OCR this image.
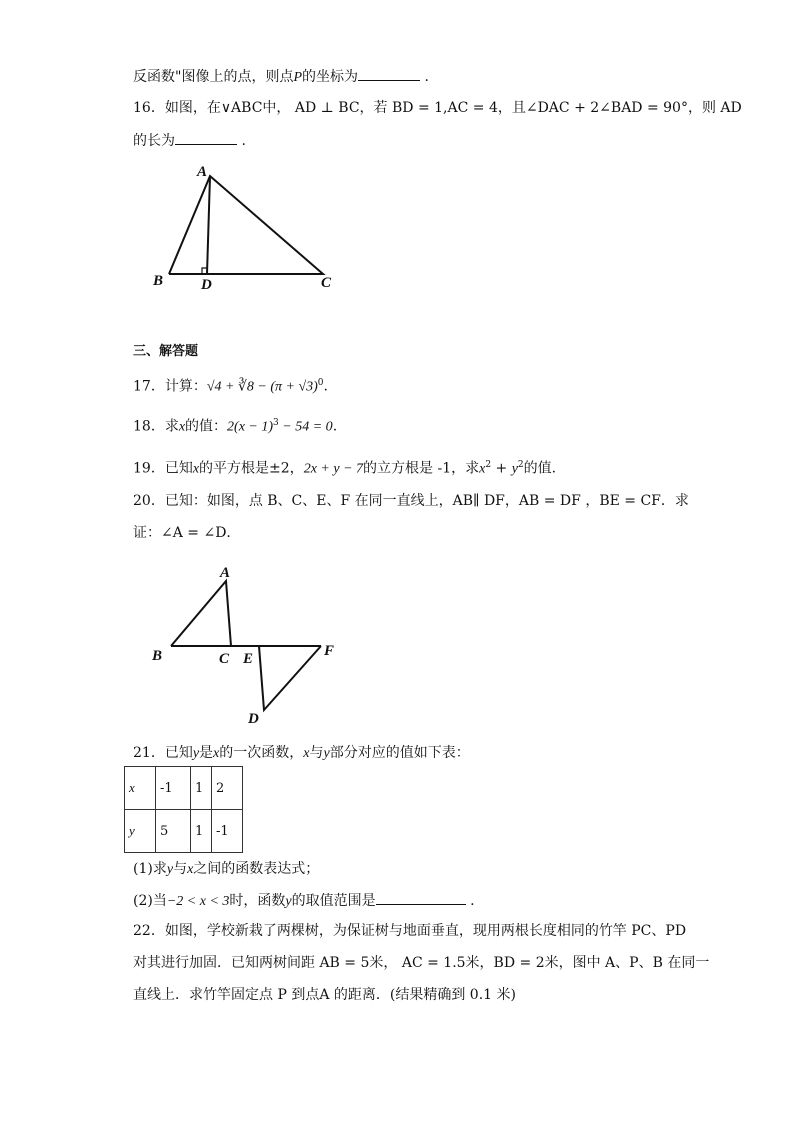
反函数"图像上的点，则点P的坐标为	.
16．如图，在∨ABC中， AD ⊥ BC，若 BD = 1,AC = 4，且∠DAC + 2∠BAD = 90°，则 AD
的长为	.
A
B	D	C
三、解答题
17．计算：√4 + ∛8 − $(\pi + √3)^0$.
18．求x的值：$2(x - 1)^3 - 54 = 0$.
19．已知x的平方根是±2，2x + y − 7的立方根是 -1，求$x^2 + y^2$的值.
20．已知：如图，点 B、C、E、F 在同一直线上，AB∥ DF，AB = DF ，BE = CF．求
证：∠A = ∠D．
A
B	C E	F
D
21．已知y是x的一次函数，x与y部分对应的值如下表：
x	-1	1	2
y	5	1	-1
(1)求y与x之间的函数表达式；
(2)当−2 < x < 3时，函数y的取值范围是	.
22．如图，学校新栽了两棵树，为保证树与地面垂直，现用两根长度相同的竹竿 PC、PD
对其进行加固．已知两树间距 AB = 5米， AC = 1.5米，BD = 2米，图中 A、P、B 在同一
直线上．求竹竿固定点 P 到点A 的距离．(结果精确到 0.1 米)
